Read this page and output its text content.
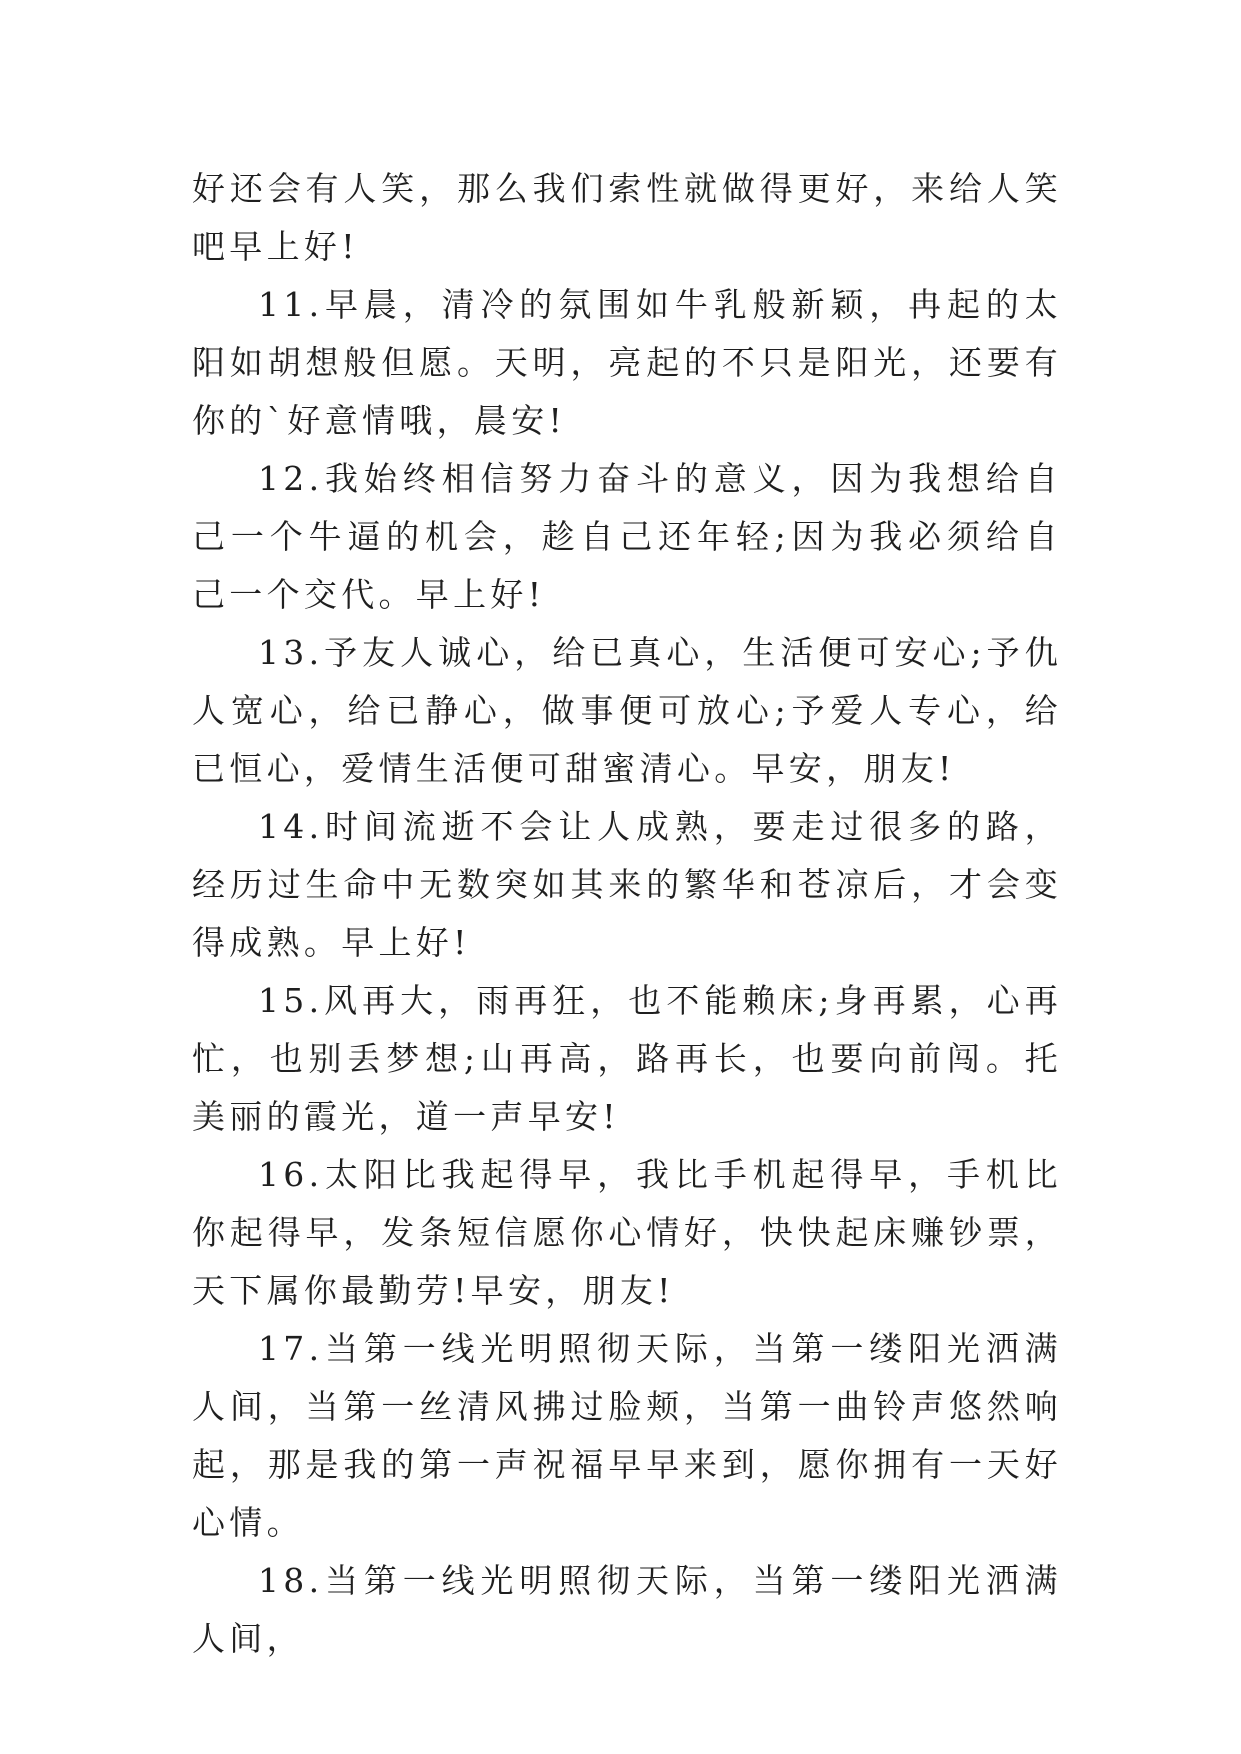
好还会有人笑，那么我们索性就做得更好，来给人笑吧早上好!

11.早晨，清冷的氛围如牛乳般新颖，冉起的太阳如胡想般但愿。天明，亮起的不只是阳光，还要有你的`好意情哦，晨安!

12.我始终相信努力奋斗的意义，因为我想给自己一个牛逼的机会，趁自己还年轻;因为我必须给自己一个交代。早上好!

13.予友人诚心，给已真心，生活便可安心;予仇人宽心，给已静心，做事便可放心;予爱人专心，给已恒心，爱情生活便可甜蜜清心。早安，朋友!

14.时间流逝不会让人成熟，要走过很多的路，经历过生命中无数突如其来的繁华和苍凉后，才会变得成熟。早上好!

15.风再大，雨再狂，也不能赖床;身再累，心再忙，也别丢梦想;山再高，路再长，也要向前闯。托美丽的霞光，道一声早安!

16.太阳比我起得早，我比手机起得早，手机比你起得早，发条短信愿你心情好，快快起床赚钞票，天下属你最勤劳!早安，朋友!

17.当第一线光明照彻天际，当第一缕阳光洒满人间，当第一丝清风拂过脸颊，当第一曲铃声悠然响起，那是我的第一声祝福早早来到，愿你拥有一天好心情。

18.当第一线光明照彻天际，当第一缕阳光洒满人间，
